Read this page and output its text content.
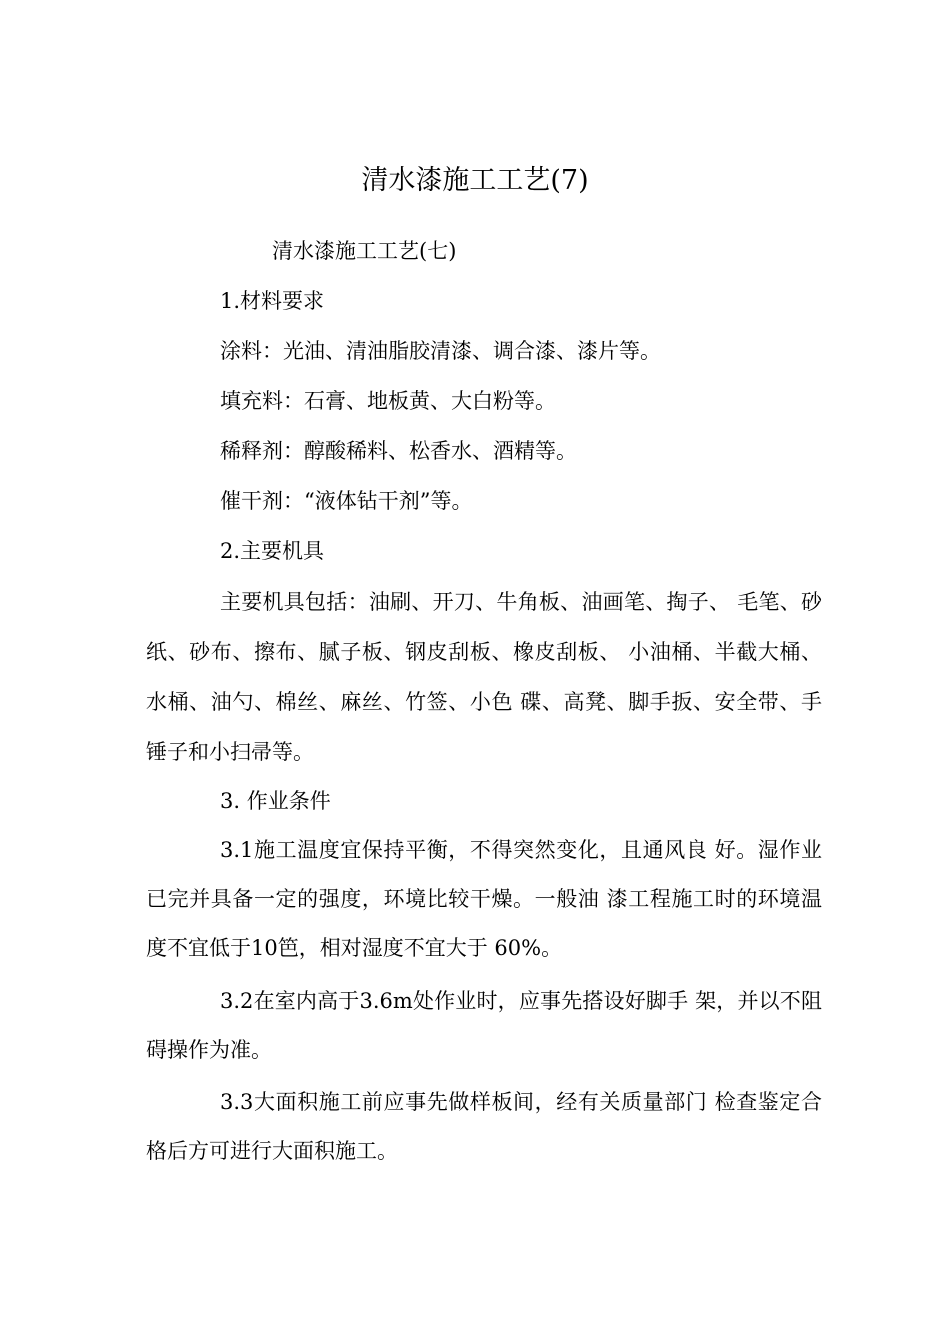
清水漆施工工艺(7)

清水漆施工工艺(七)

1.材料要求

涂料：光油、清油脂胶清漆、调合漆、漆片等。

填充料：石膏、地板黄、大白粉等。

稀释剂：醇酸稀料、松香水、酒精等。

催干剂：“液体钻干剂”等。

2.主要机具

主要机具包括：油刷、开刀、牛角板、油画笔、掏子、 毛笔、砂纸、砂布、擦布、腻子板、钢皮刮板、橡皮刮板、 小油桶、半截大桶、水桶、油勺、棉丝、麻丝、竹签、小色 碟、高凳、脚手扳、安全带、手锤子和小扫帚等。

3. 作业条件

3.1施工温度宜保持平衡，不得突然变化，且通风良 好。湿作业已完并具备一定的强度，环境比较干燥。一般油 漆工程施工时的环境温度不宜低于10笆，相对湿度不宜大于 60%。

3.2在室内高于3.6m处作业时，应事先搭设好脚手 架，并以不阻碍操作为准。

3.3大面积施工前应事先做样板间，经有关质量部门 检查鉴定合格后方可进行大面积施工。
